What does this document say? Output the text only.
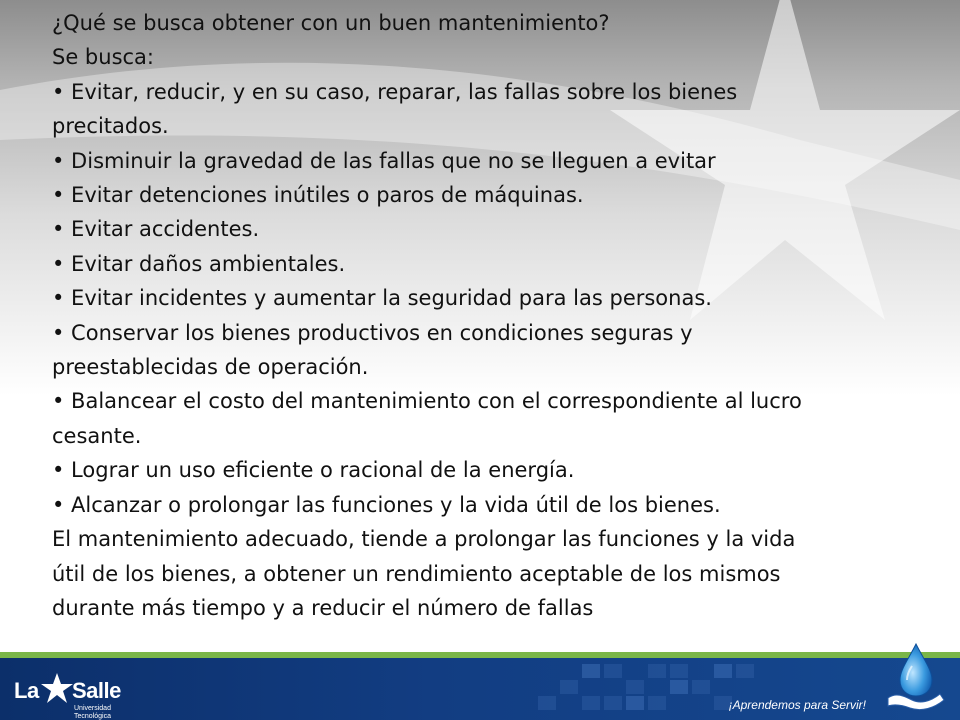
¿Qué se busca obtener con un buen mantenimiento?

Se busca:

• Evitar, reducir, y en su caso, reparar, las fallas sobre los bienes

precitados.

• Disminuir la gravedad de las fallas que no se lleguen a evitar

• Evitar detenciones inútiles o paros de máquinas.

• Evitar accidentes.

• Evitar daños ambientales.

• Evitar incidentes y aumentar la seguridad para las personas.

• Conservar los bienes productivos en condiciones seguras y

preestablecidas de operación.

• Balancear el costo del mantenimiento con el correspondiente al lucro

cesante.

• Lograr un uso eficiente o racional de la energía.

• Alcanzar o prolongar las funciones y la vida útil de los bienes.

El mantenimiento adecuado, tiende a prolongar las funciones y la vida

útil de los bienes, a obtener un rendimiento aceptable de los mismos

durante más tiempo y a reducir el número de fallas

La Salle
Universidad
Tecnológica
¡Aprendemos para Servir!
